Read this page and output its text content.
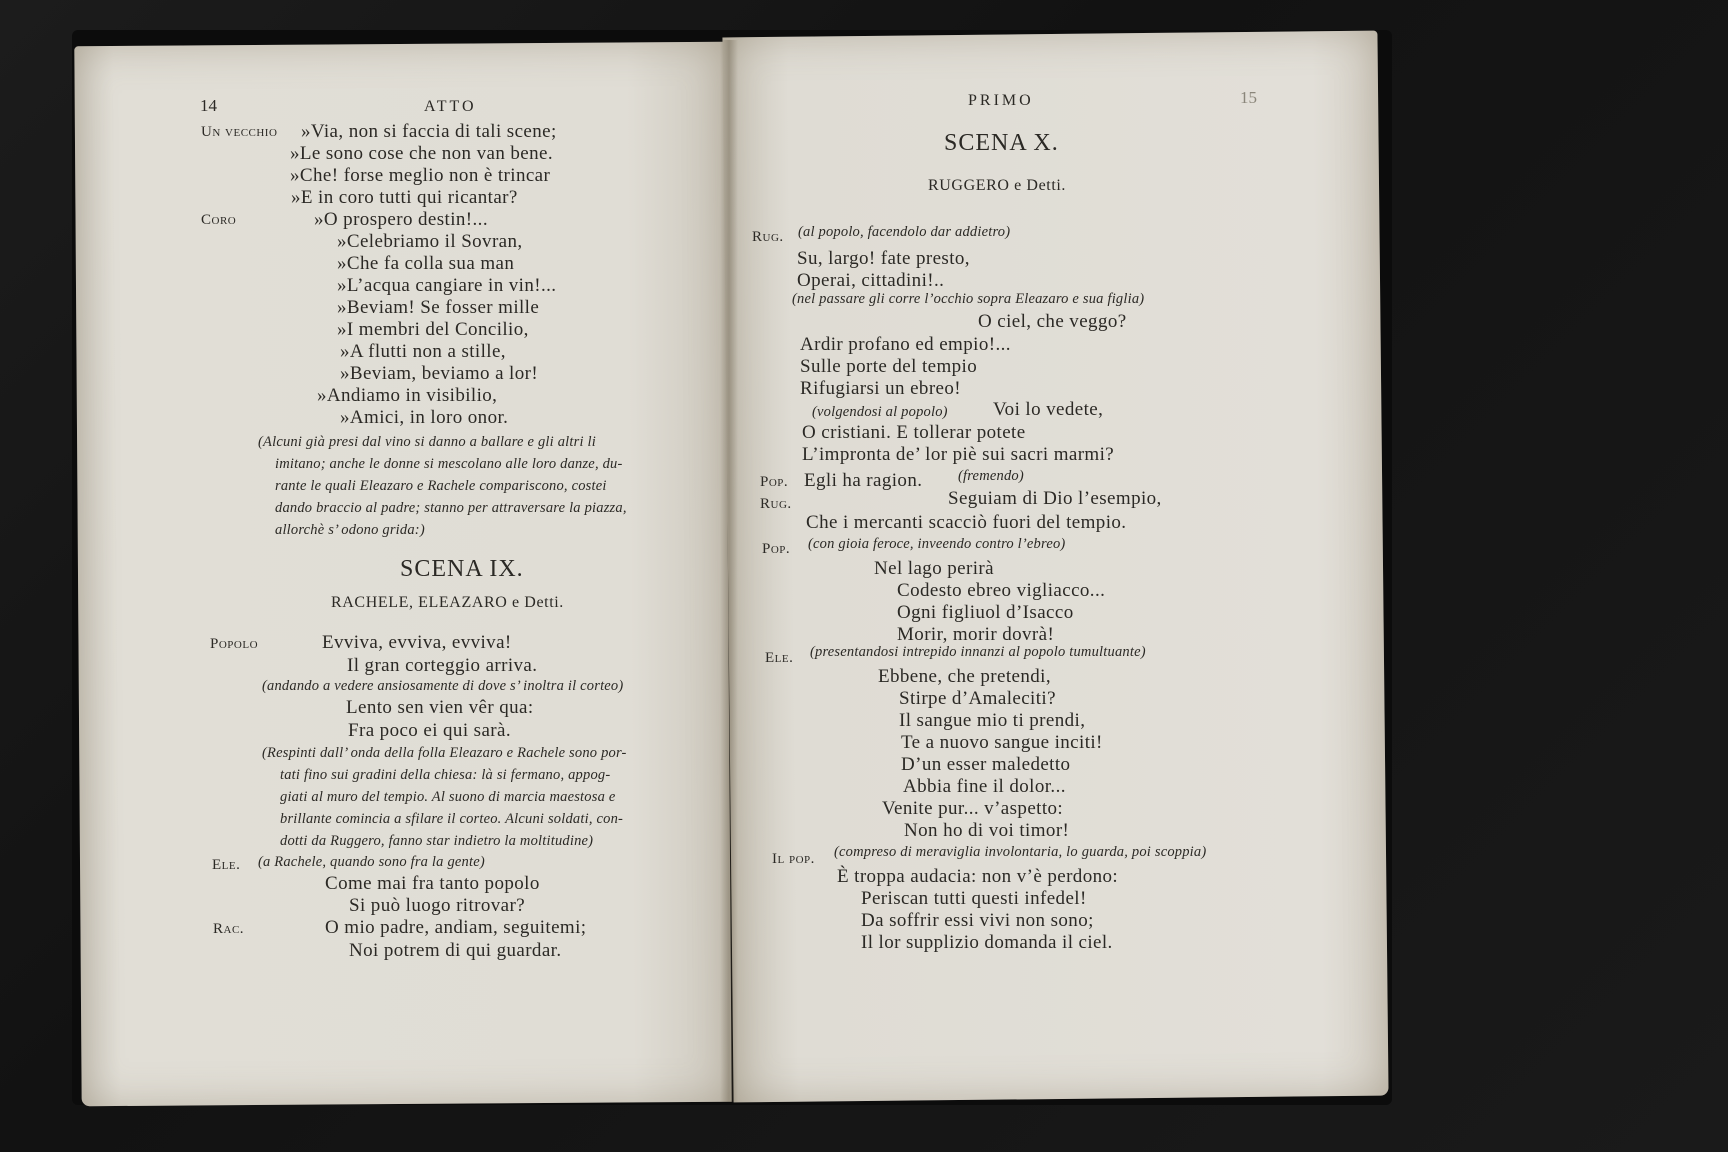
14	ATTO
Un vecchio »Via, non si faccia di tali scene;
»Le sono cose che non van bene.
»Che! forse meglio non è trincar
»E in coro tutti qui ricantar?
Coro	»O prospero destin!...
»Celebriamo il Sovran,
»Che fa colla sua man
»L’acqua cangiare in vin!...
»Beviam! Se fosser mille
»I membri del Concilio,
»A flutti non a stille,
»Beviam, beviamo a lor!
»Andiamo in visibilio,
»Amici, in loro onor.
(Alcuni già presi dal vino si danno a ballare e gli altri li
imitano; anche le donne si mescolano alle loro danze, du-
rante le quali Eleazaro e Rachele compariscono, costei
dando braccio al padre; stanno per attraversare la piazza,
allorchè s’ odono grida:)
SCENA IX.
RACHELE, ELEAZARO e Detti.
Popolo	Evviva, evviva, evviva!
Il gran corteggio arriva.
(andando a vedere ansiosamente di dove s’ inoltra il corteo)
Lento sen vien vêr qua:
Fra poco ei qui sarà.
(Respinti dall’ onda della folla Eleazaro e Rachele sono por-
tati fino sui gradini della chiesa: là si fermano, appog-
giati al muro del tempio. Al suono di marcia maestosa e
brillante comincia a sfilare il corteo. Alcuni soldati, con-
dotti da Ruggero, fanno star indietro la moltitudine)
Ele. (a Rachele, quando sono fra la gente)
Come mai fra tanto popolo
Si può luogo ritrovar?
Rac.	O mio padre, andiam, seguitemi;
Noi potrem di qui guardar.
PRIMO	15
SCENA X.
RUGGERO e Detti.
Rug. (al popolo, facendolo dar addietro)
Su, largo! fate presto,
Operai, cittadini!..
(nel passare gli corre l’occhio sopra Eleazaro e sua figlia)
O ciel, che veggo?
Ardir profano ed empio!...
Sulle porte del tempio
Rifugiarsi un ebreo!
(volgendosi al popolo) Voi lo vedete,
O cristiani. E tollerar potete
L’impronta de’ lor piè sui sacri marmi?
Pop. Egli ha ragion. (fremendo)
Rug.	Seguiam di Dio l’esempio,
Che i mercanti scacciò fuori del tempio.
Pop. (con gioia feroce, inveendo contro l’ebreo)
Nel lago perirà
Codesto ebreo vigliacco...
Ogni figliuol d’Isacco
Morir, morir dovrà!
Ele. (presentandosi intrepido innanzi al popolo tumultuante)
Ebbene, che pretendi,
Stirpe d’Amaleciti?
Il sangue mio ti prendi,
Te a nuovo sangue inciti!
D’un esser maledetto
Abbia fine il dolor...
Venite pur... v’aspetto:
Non ho di voi timor!
Il pop. (compreso di meraviglia involontaria, lo guarda, poi scoppia)
È troppa audacia: non v’è perdono:
Periscan tutti questi infedel!
Da soffrir essi vivi non sono;
Il lor supplizio domanda il ciel.
